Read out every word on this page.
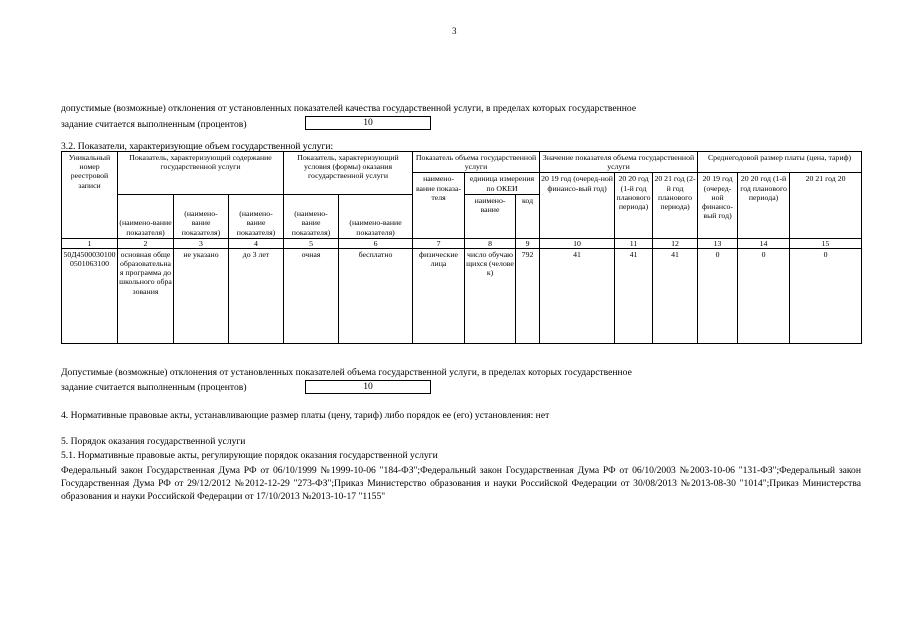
3
допустимые (возможные) отклонения от установленных показателей качества государственной услуги, в пределах которых государственное
задание считается выполненным (процентов)	10
3.2. Показатели, характеризующие объем государственной услуги:
Уникальный номер реестровой записи	Показатель, характеризующий содержание государственной услуги			Показатель, характеризующий условия (формы) оказания государственной услуги		Показатель объема государственной услуги			Значение показателя объема государственной услуги			Среднегодовой размер платы (цена, тариф)		
						наимено-вание показа-теля	единица измерения по ОКЕИ		20 19 год (очеред-ной финансо-вый год)	20 20 год (1-й год планового периода)	20 21 год (2-й год планового периода)	20 19 год (очеред-ной финансо-вый год)	20 20 год (1-й год планового периода)	20 21 год 20
	(наимено-вание показателя)	(наимено-вание показателя)	(наимено-вание показателя)	(наимено-вание показателя)	(наимено-вание показателя)		наимено-вание	код						
1	2	3	4	5	6	7	8	9	10	11	12	13	14	15
50Д45000301000501063100	основная общеобразовательная программа дошкольного образования	не указано	до 3 лет	очная	бесплатно	физические лица	число обучающихся (человек)	792	41	41	41	0	0	0
Допустимые (возможные) отклонения от установленных показателей объема государственной услуги, в пределах которых государственное
задание считается выполненным (процентов)	10
4. Нормативные правовые акты, устанавливающие размер платы (цену, тариф) либо порядок ее (его) установления: нет
5. Порядок оказания государственной услуги
5.1. Нормативные правовые акты, регулирующие порядок оказания государственной услуги
Федеральный закон Государственная Дума РФ от 06/10/1999 №1999-10-06 "184-ФЗ";Федеральный закон Государственная Дума РФ от 06/10/2003 №2003-10-06 "131-ФЗ";Федеральный закон Государственная Дума РФ от 29/12/2012 №2012-12-29 "273-ФЗ";Приказ Министерство образования и науки Российской Федерации от 30/08/2013 №2013-08-30 "1014";Приказ Министерства образования и науки Российской Федерации от 17/10/2013 №2013-10-17 "1155"
